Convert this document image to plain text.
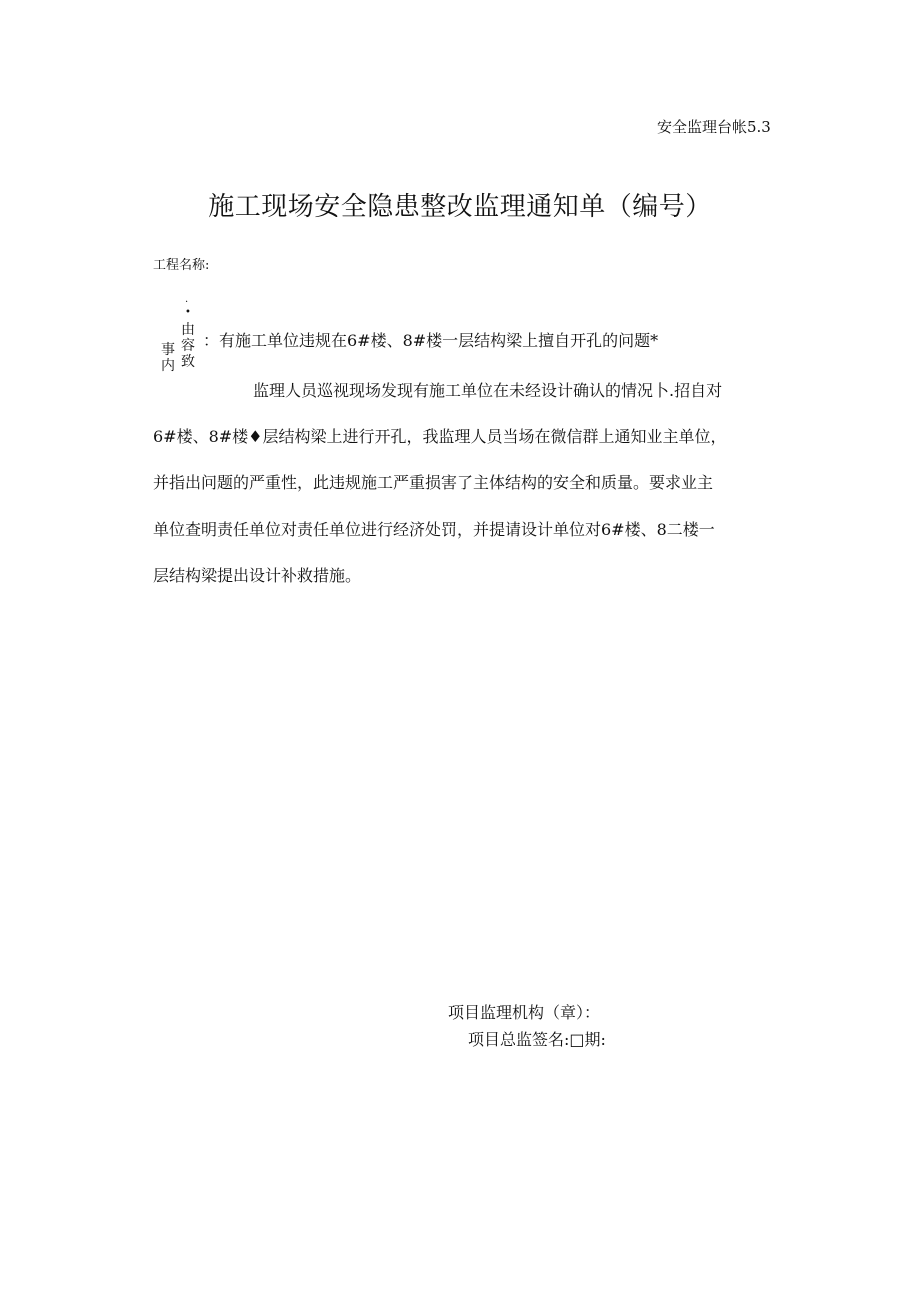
安全监理台帐5.3
施工现场安全隐患整改监理通知单（编号）
工程名称:
.
•
事
内
由
容
致
：有施工单位违规在6#楼、8#楼一层结构梁上擅自开孔的问题*
监理人员巡视现场发现有施工单位在未经设计确认的情况卜.招自对
6#楼、8#楼♦层结构梁上进行开孔，我监理人员当场在微信群上通知业主单位，
并指出问题的严重性，此违规施工严重损害了主体结构的安全和质量。要求业主
单位查明责任单位对责任单位进行经济处罚，并提请设计单位对6#楼、8二楼一
层结构梁提出设计补救措施。
项目监理机构（章）：
项目总监签名:□期:
